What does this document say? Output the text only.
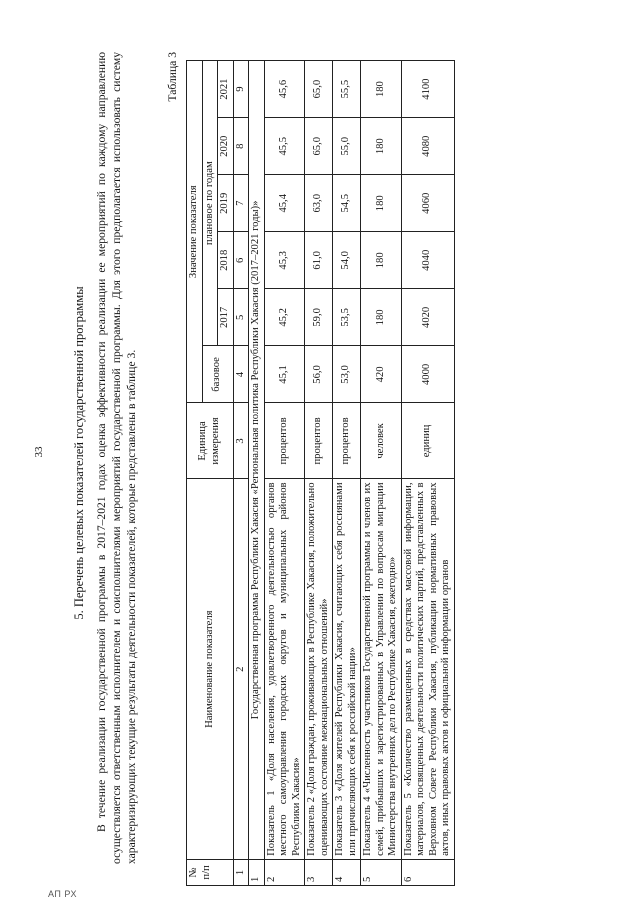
33
АП РХ
5. Перечень целевых показателей государственной программы В течение реализации государственной программы в 2017–2021 годах оценка эффективности реализации ее мероприятий по каждому направлению осуществляется ответственным исполнителем и соисполнителями мероприятий государственной программы. Для этого предполагается использовать систему характеризирующих текущие результаты деятельности показателей, которые представлены в таблице 3.
Таблица 3
№
п/п	Наименование показателя	Единица измерения	Значение показателя					
			базовое	плановое по годам				
				2017	2018	2019	2020	2021
1	2	3	4	5	6	7	8	9
1	Государственная программа Республики Хакасия «Региональная политика Республики Хакасия (2017–2021 годы)»							
2	Показатель 1 «Доля населения, удовлетворенного деятельностью органов местного самоуправления городских округов и муниципальных районов Республики Хакасия»	процентов	45,1	45,2	45,3	45,4	45,5	45,6
3	Показатель 2 «Доля граждан, проживающих в Республике Хакасия, положительно оценивающих состояние межнациональных отношений»	процентов	56,0	59,0	61,0	63,0	65,0	65,0
4	Показатель 3 «Доля жителей Республики Хакасия, считающих себя россиянами или причисляющих себя к российской нации»	процентов	53,0	53,5	54,0	54,5	55,0	55,5
5	Показатель 4 «Численность участников Государственной программы и членов их семей, прибывших и зарегистрированных в Управлении по вопросам миграции Министерства внутренних дел по Республике Хакасия, ежегодно»	человек	420	180	180	180	180	180
6	Показатель 5 «Количество размещенных в средствах массовой информации, материалов, посвященных деятельности политических партий, представленных в Верховном Совете Республики Хакасия, публикации нормативных правовых актов, иных правовых актов и официальной информации органов	единиц	4000	4020	4040	4060	4080	4100
